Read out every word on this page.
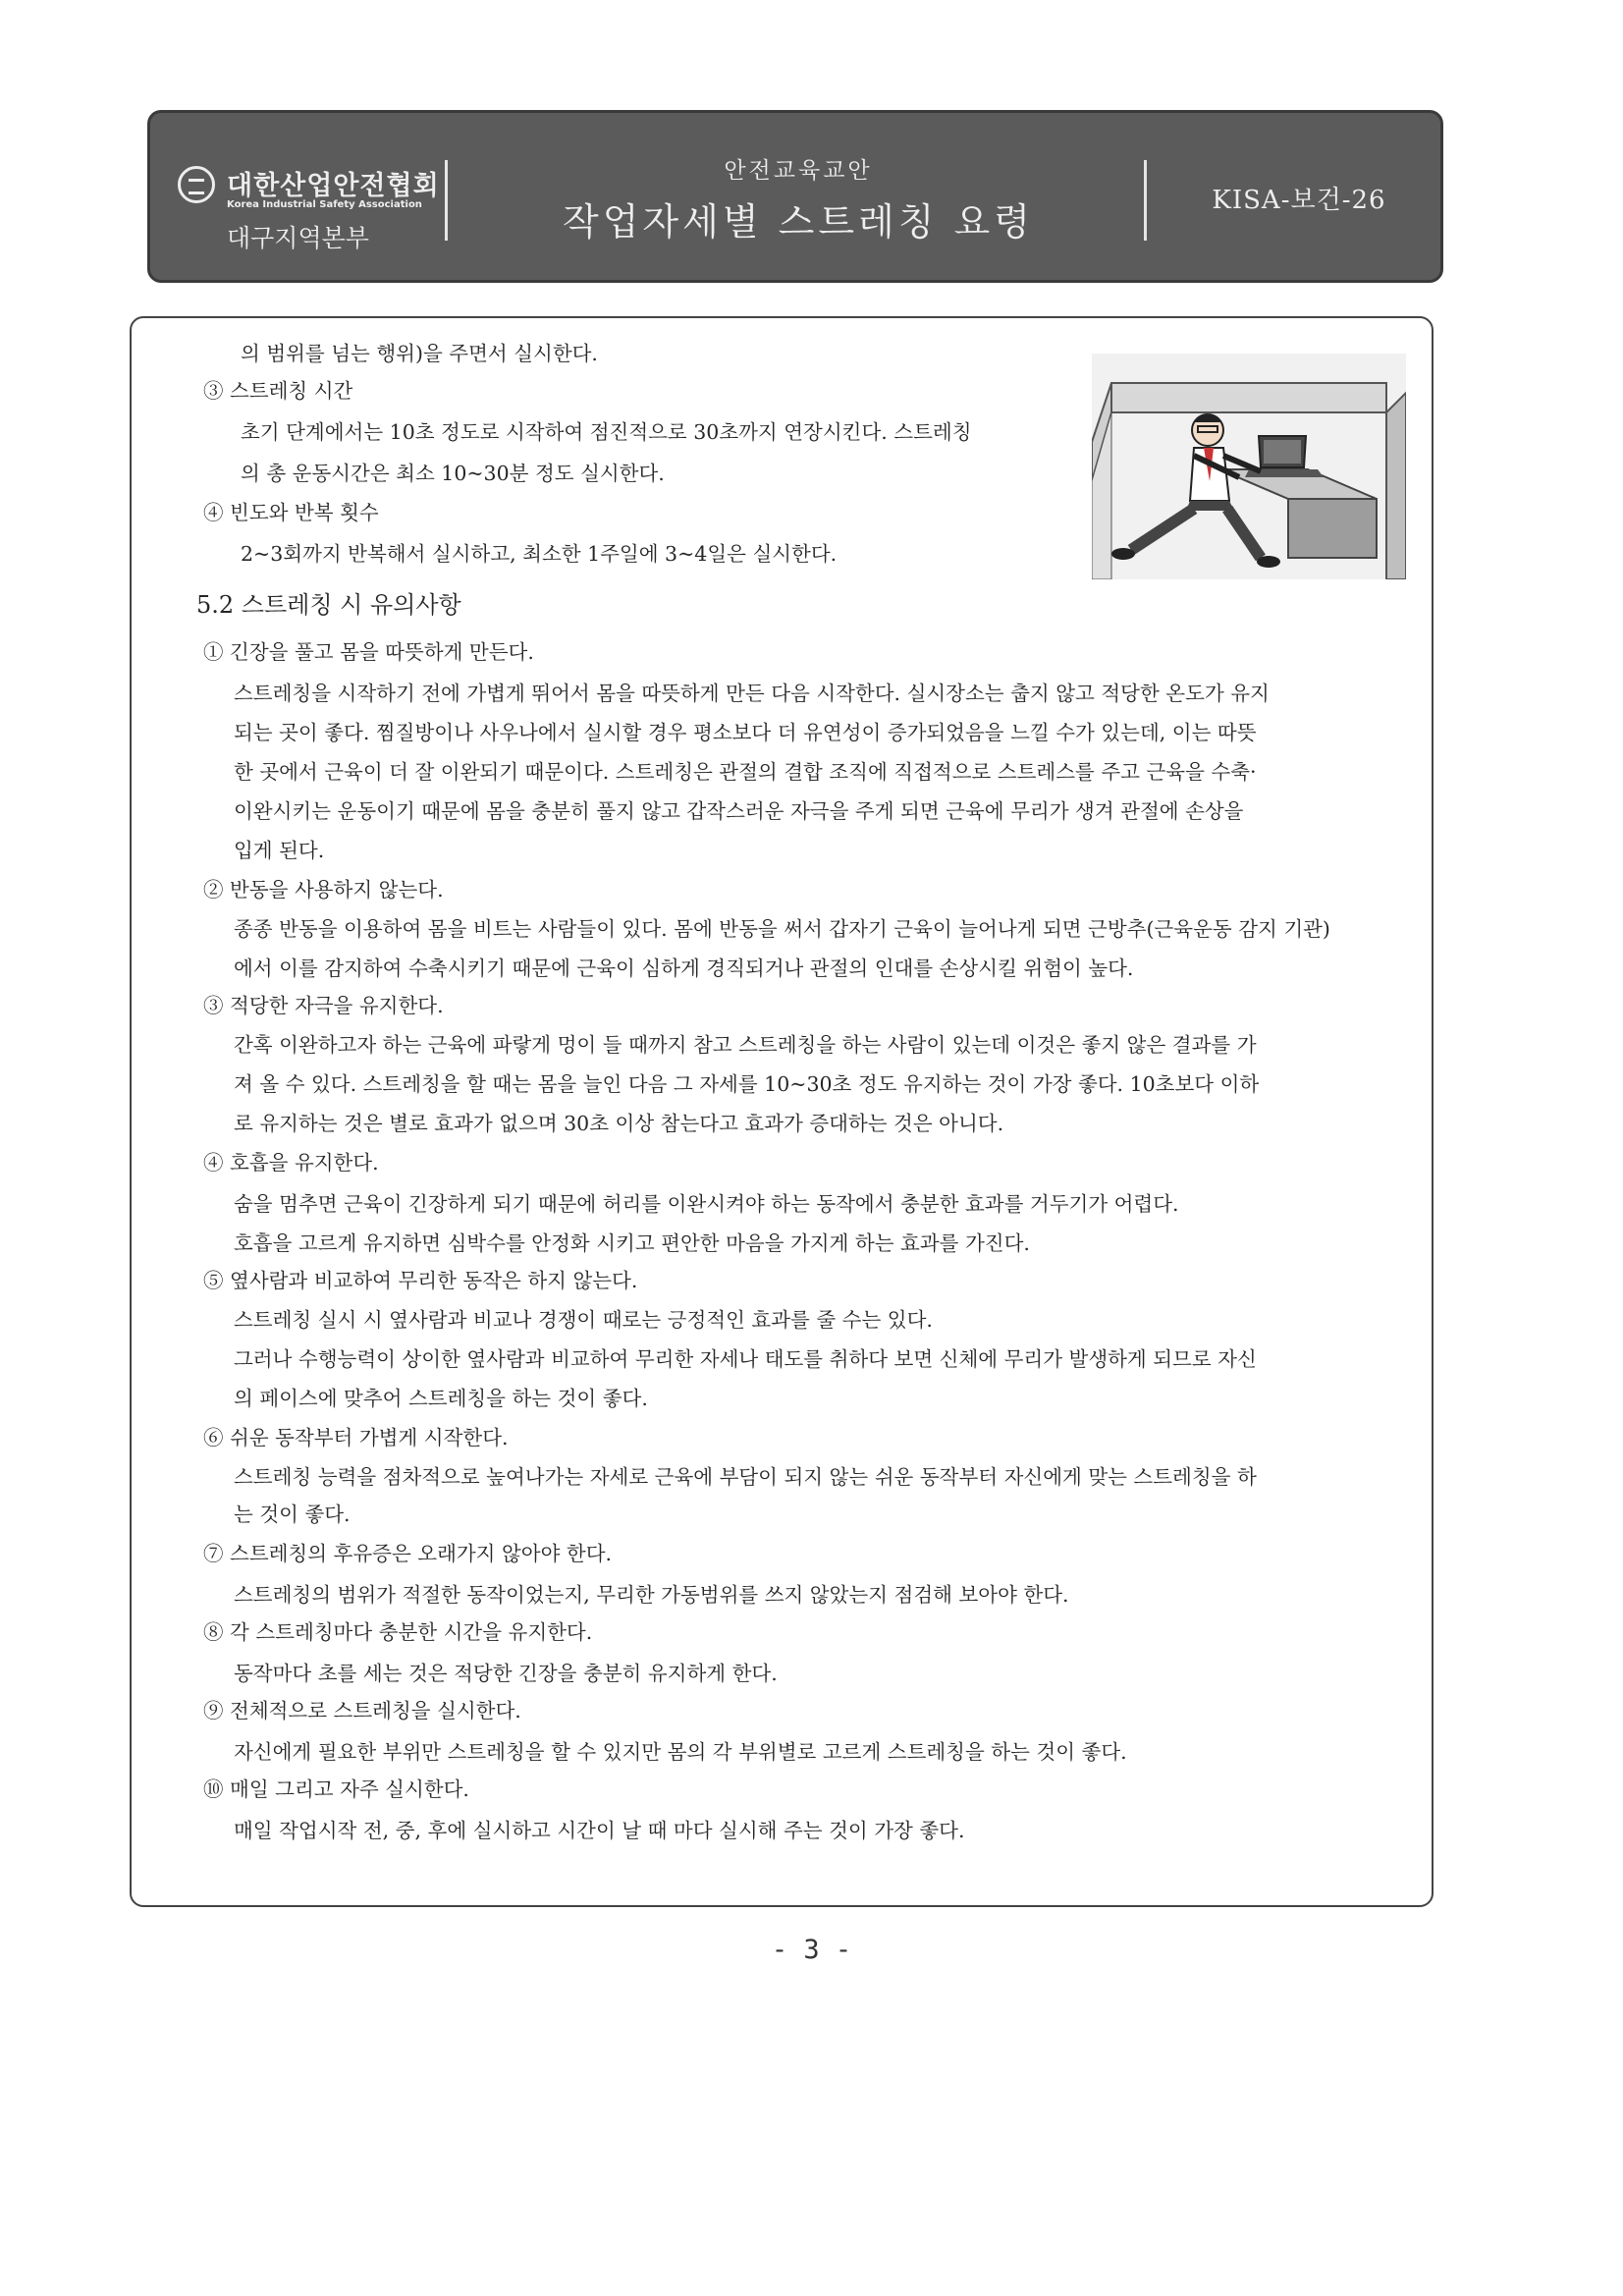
대한산업안전협회
Korea Industrial Safety Association
대구지역본부
안전교육교안
작업자세별 스트레칭 요령	KISA-보건-26
의 범위를 넘는 행위)을 주면서 실시한다.
③ 스트레칭 시간
초기 단계에서는 10초 정도로 시작하여 점진적으로 30초까지 연장시킨다. 스트레칭
의 총 운동시간은 최소 10~30분 정도 실시한다.
④ 빈도와 반복 횟수
2~3회까지 반복해서 실시하고, 최소한 1주일에 3~4일은 실시한다.
5.2 스트레칭 시 유의사항
① 긴장을 풀고 몸을 따뜻하게 만든다.
스트레칭을 시작하기 전에 가볍게 뛰어서 몸을 따뜻하게 만든 다음 시작한다. 실시장소는 춥지 않고 적당한 온도가 유지
되는 곳이 좋다. 찜질방이나 사우나에서 실시할 경우 평소보다 더 유연성이 증가되었음을 느낄 수가 있는데, 이는 따뜻
한 곳에서 근육이 더 잘 이완되기 때문이다. 스트레칭은 관절의 결합 조직에 직접적으로 스트레스를 주고 근육을 수축·
이완시키는 운동이기 때문에 몸을 충분히 풀지 않고 갑작스러운 자극을 주게 되면 근육에 무리가 생겨 관절에 손상을
입게 된다.
② 반동을 사용하지 않는다.
종종 반동을 이용하여 몸을 비트는 사람들이 있다. 몸에 반동을 써서 갑자기 근육이 늘어나게 되면 근방추(근육운동 감지 기관)
에서 이를 감지하여 수축시키기 때문에 근육이 심하게 경직되거나 관절의 인대를 손상시킬 위험이 높다.
③ 적당한 자극을 유지한다.
간혹 이완하고자 하는 근육에 파랗게 멍이 들 때까지 참고 스트레칭을 하는 사람이 있는데 이것은 좋지 않은 결과를 가
져 올 수 있다. 스트레칭을 할 때는 몸을 늘인 다음 그 자세를 10~30초 정도 유지하는 것이 가장 좋다. 10초보다 이하
로 유지하는 것은 별로 효과가 없으며 30초 이상 참는다고 효과가 증대하는 것은 아니다.
④ 호흡을 유지한다.
숨을 멈추면 근육이 긴장하게 되기 때문에 허리를 이완시켜야 하는 동작에서 충분한 효과를 거두기가 어렵다.
호흡을 고르게 유지하면 심박수를 안정화 시키고 편안한 마음을 가지게 하는 효과를 가진다.
⑤ 옆사람과 비교하여 무리한 동작은 하지 않는다.
스트레칭 실시 시 옆사람과 비교나 경쟁이 때로는 긍정적인 효과를 줄 수는 있다.
그러나 수행능력이 상이한 옆사람과 비교하여 무리한 자세나 태도를 취하다 보면 신체에 무리가 발생하게 되므로 자신
의 페이스에 맞추어 스트레칭을 하는 것이 좋다.
⑥ 쉬운 동작부터 가볍게 시작한다.
스트레칭 능력을 점차적으로 높여나가는 자세로 근육에 부담이 되지 않는 쉬운 동작부터 자신에게 맞는 스트레칭을 하
는 것이 좋다.
⑦ 스트레칭의 후유증은 오래가지 않아야 한다.
스트레칭의 범위가 적절한 동작이었는지, 무리한 가동범위를 쓰지 않았는지 점검해 보아야 한다.
⑧ 각 스트레칭마다 충분한 시간을 유지한다.
동작마다 초를 세는 것은 적당한 긴장을 충분히 유지하게 한다.
⑨ 전체적으로 스트레칭을 실시한다.
자신에게 필요한 부위만 스트레칭을 할 수 있지만 몸의 각 부위별로 고르게 스트레칭을 하는 것이 좋다.
⑩ 매일 그리고 자주 실시한다.
매일 작업시작 전, 중, 후에 실시하고 시간이 날 때 마다 실시해 주는 것이 가장 좋다.
- 3 -
